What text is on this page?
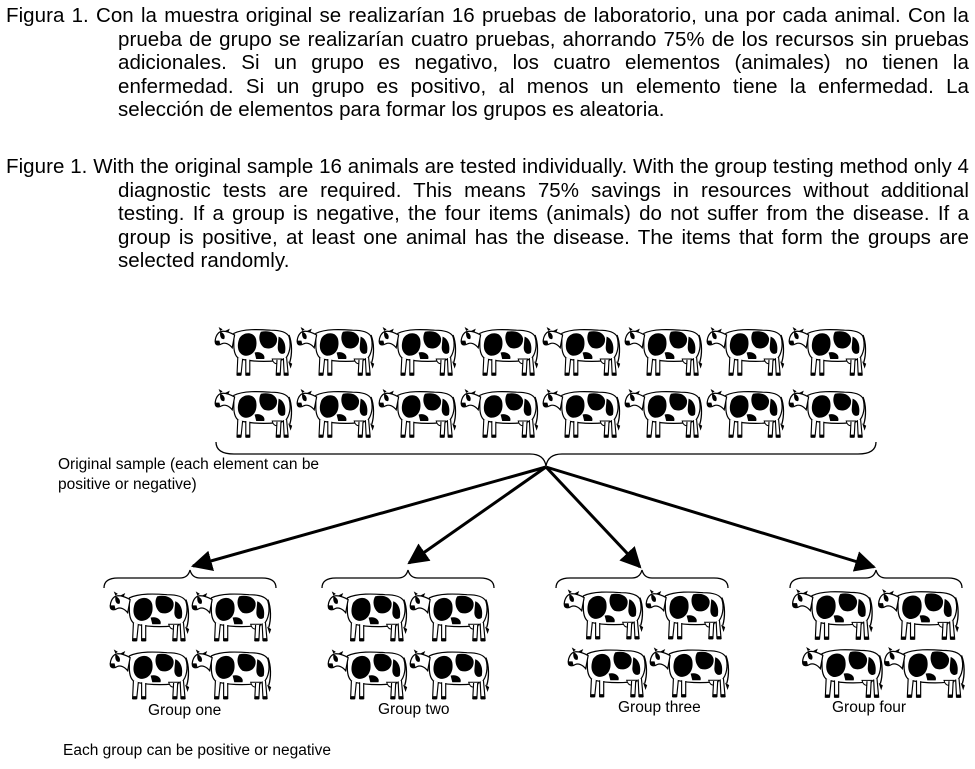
Figura 1. Con la muestra original se realizarían 16 pruebas de laboratorio, una por cada animal. Con la prueba de grupo se realizarían cuatro pruebas, ahorrando 75% de los recursos sin pruebas adicionales. Si un grupo es negativo, los cuatro elementos (animales) no tienen la enfermedad. Si un grupo es positivo, al menos un elemento tiene la enfermedad. La selección de elementos para formar los grupos es aleatoria.
Figure 1. With the original sample 16 animals are tested individually. With the group testing method only 4 diagnostic tests are required. This means 75% savings in resources without additional testing. If a group is negative, the four items (animals) do not suffer from the disease. If a group is positive, at least one animal has the disease. The items that form the groups are selected randomly.
Original sample (each element can be
positive or negative)
Group one	Group two	Group three	Group four
Each group can be positive or negative
